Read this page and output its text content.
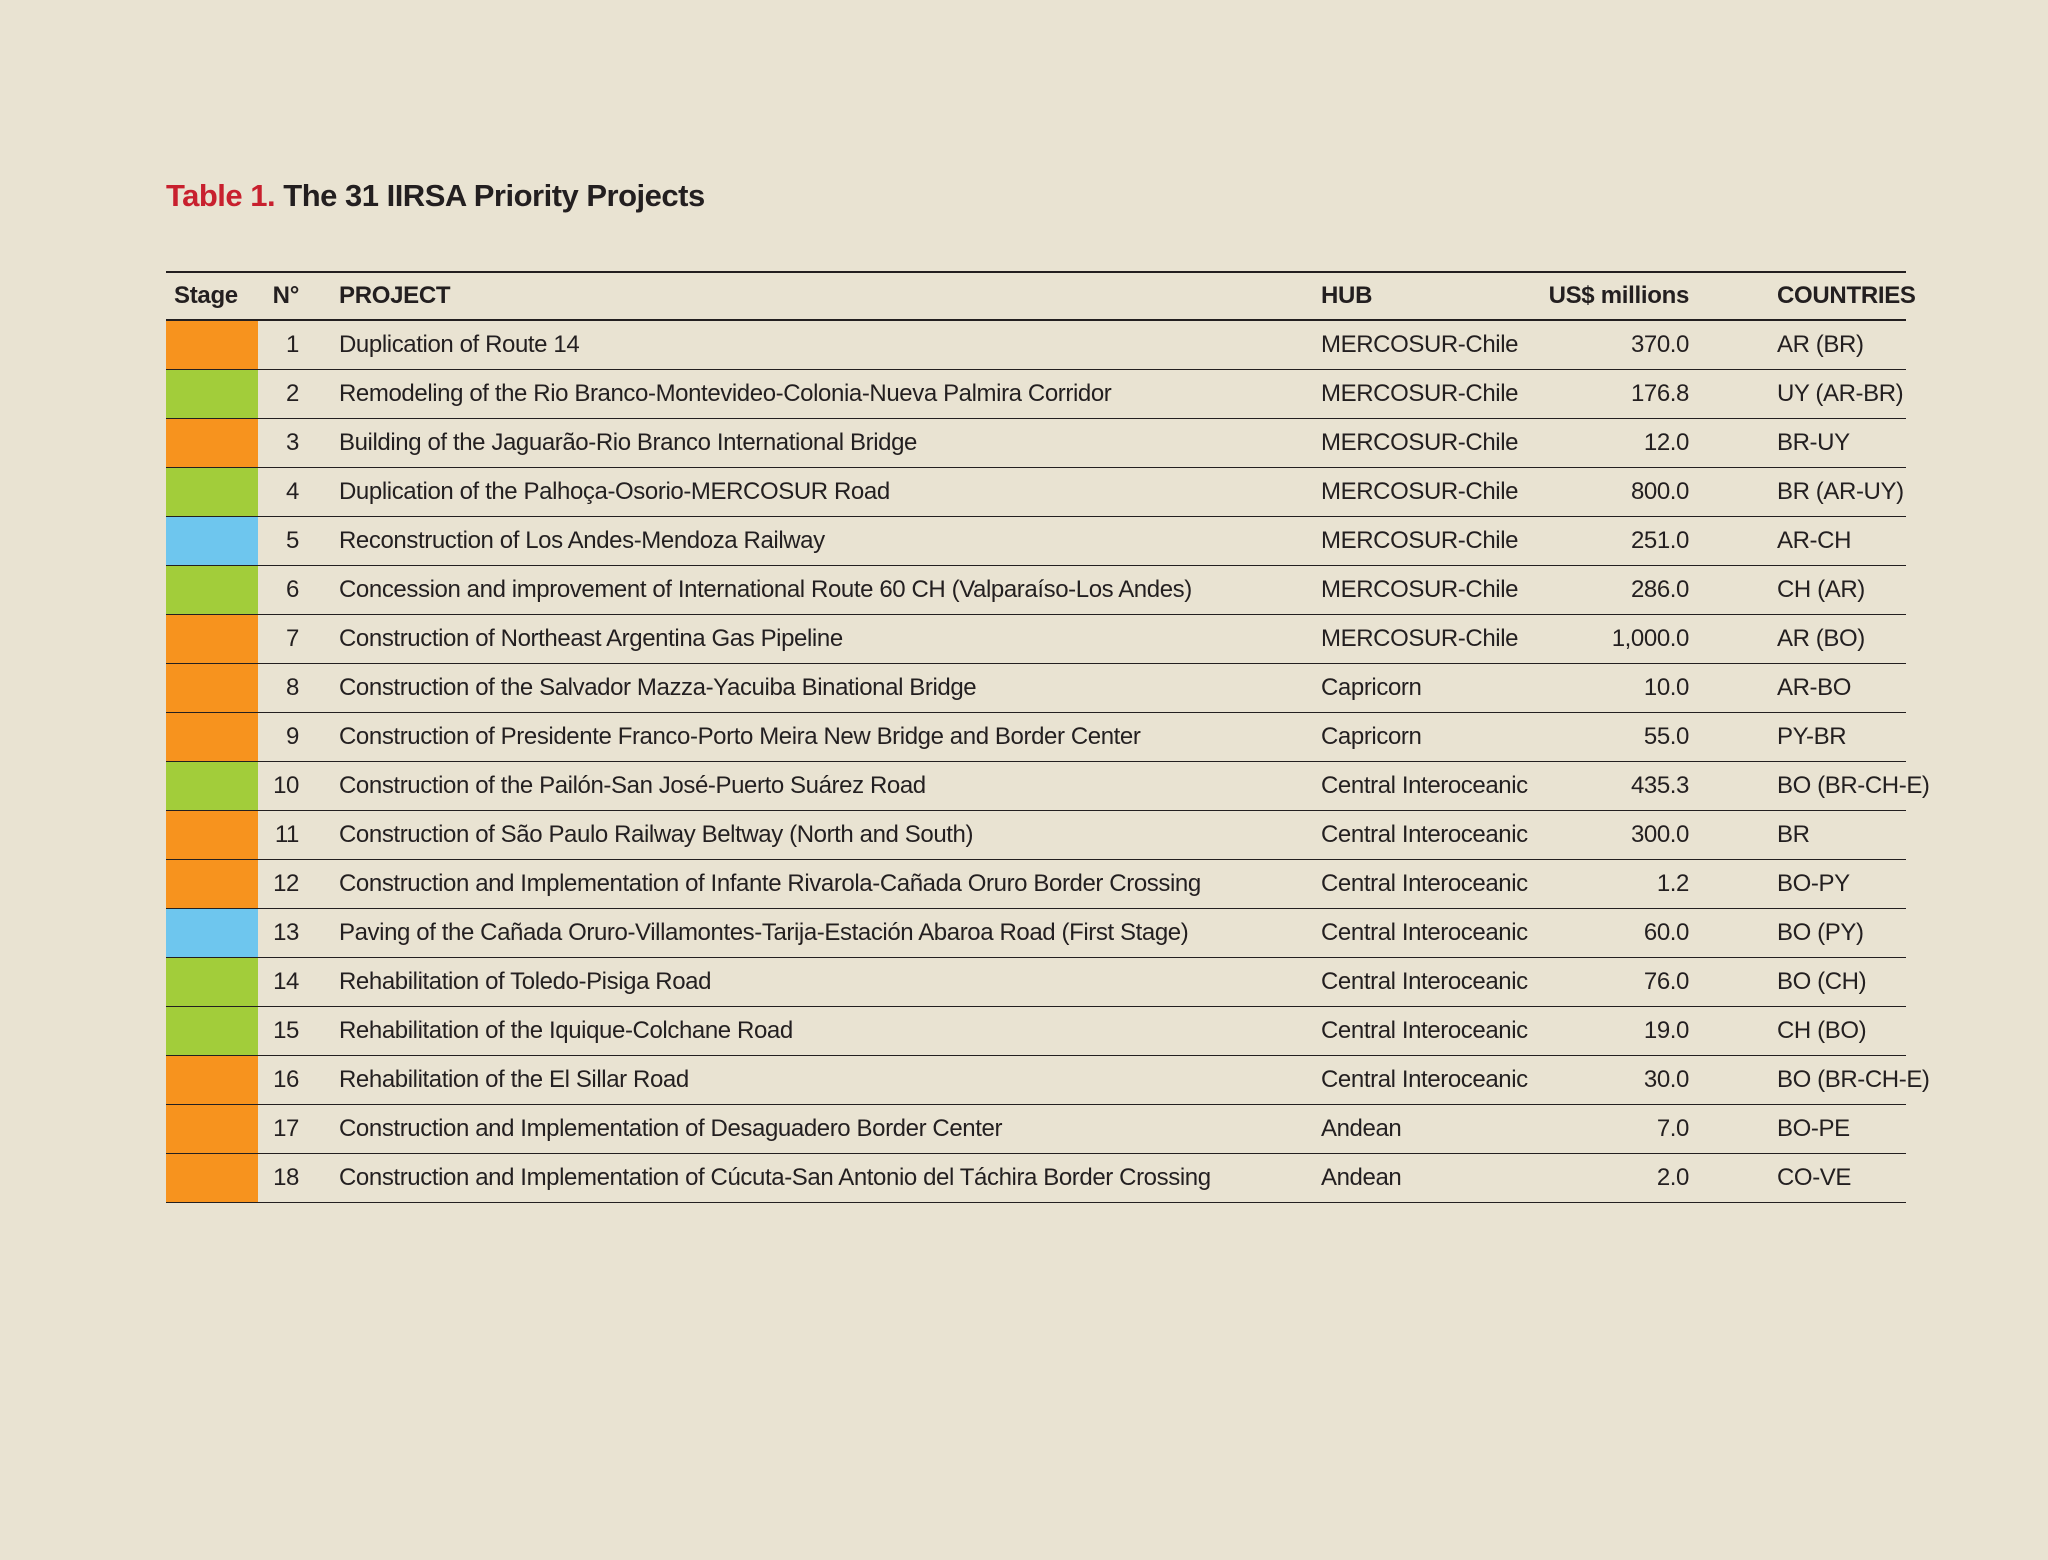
Table 1. The 31 IIRSA Priority Projects
Stage	N°	PROJECT	HUB	US$ millions	COUNTRIES

	1	Duplication of Route 14	MERCOSUR-Chile	370.0	AR (BR)

	2	Remodeling of the Rio Branco-Montevideo-Colonia-Nueva Palmira Corridor	MERCOSUR-Chile	176.8	UY (AR-BR)

	3	Building of the Jaguarão-Rio Branco International Bridge	MERCOSUR-Chile	12.0	BR-UY

	4	Duplication of the Palhoça-Osorio-MERCOSUR Road	MERCOSUR-Chile	800.0	BR (AR-UY)

	5	Reconstruction of Los Andes-Mendoza Railway	MERCOSUR-Chile	251.0	AR-CH

	6	Concession and improvement of International Route 60 CH (Valparaíso-Los Andes)	MERCOSUR-Chile	286.0	CH (AR)

	7	Construction of Northeast Argentina Gas Pipeline	MERCOSUR-Chile	1,000.0	AR (BO)

	8	Construction of the Salvador Mazza-Yacuiba Binational Bridge	Capricorn	10.0	AR-BO

	9	Construction of Presidente Franco-Porto Meira New Bridge and Border Center	Capricorn	55.0	PY-BR

	10	Construction of the Pailón-San José-Puerto Suárez Road	Central Interoceanic	435.3	BO (BR-CH-E)

	11	Construction of São Paulo Railway Beltway (North and South)	Central Interoceanic	300.0	BR

	12	Construction and Implementation of Infante Rivarola-Cañada Oruro Border Crossing	Central Interoceanic	1.2	BO-PY

	13	Paving of the Cañada Oruro-Villamontes-Tarija-Estación Abaroa Road (First Stage)	Central Interoceanic	60.0	BO (PY)

	14	Rehabilitation of Toledo-Pisiga Road	Central Interoceanic	76.0	BO (CH)

	15	Rehabilitation of the Iquique-Colchane Road	Central Interoceanic	19.0	CH (BO)

	16	Rehabilitation of the El Sillar Road	Central Interoceanic	30.0	BO (BR-CH-E)

	17	Construction and Implementation of Desaguadero Border Center	Andean	7.0	BO-PE

	18	Construction and Implementation of Cúcuta-San Antonio del Táchira Border Crossing	Andean	2.0	CO-VE
